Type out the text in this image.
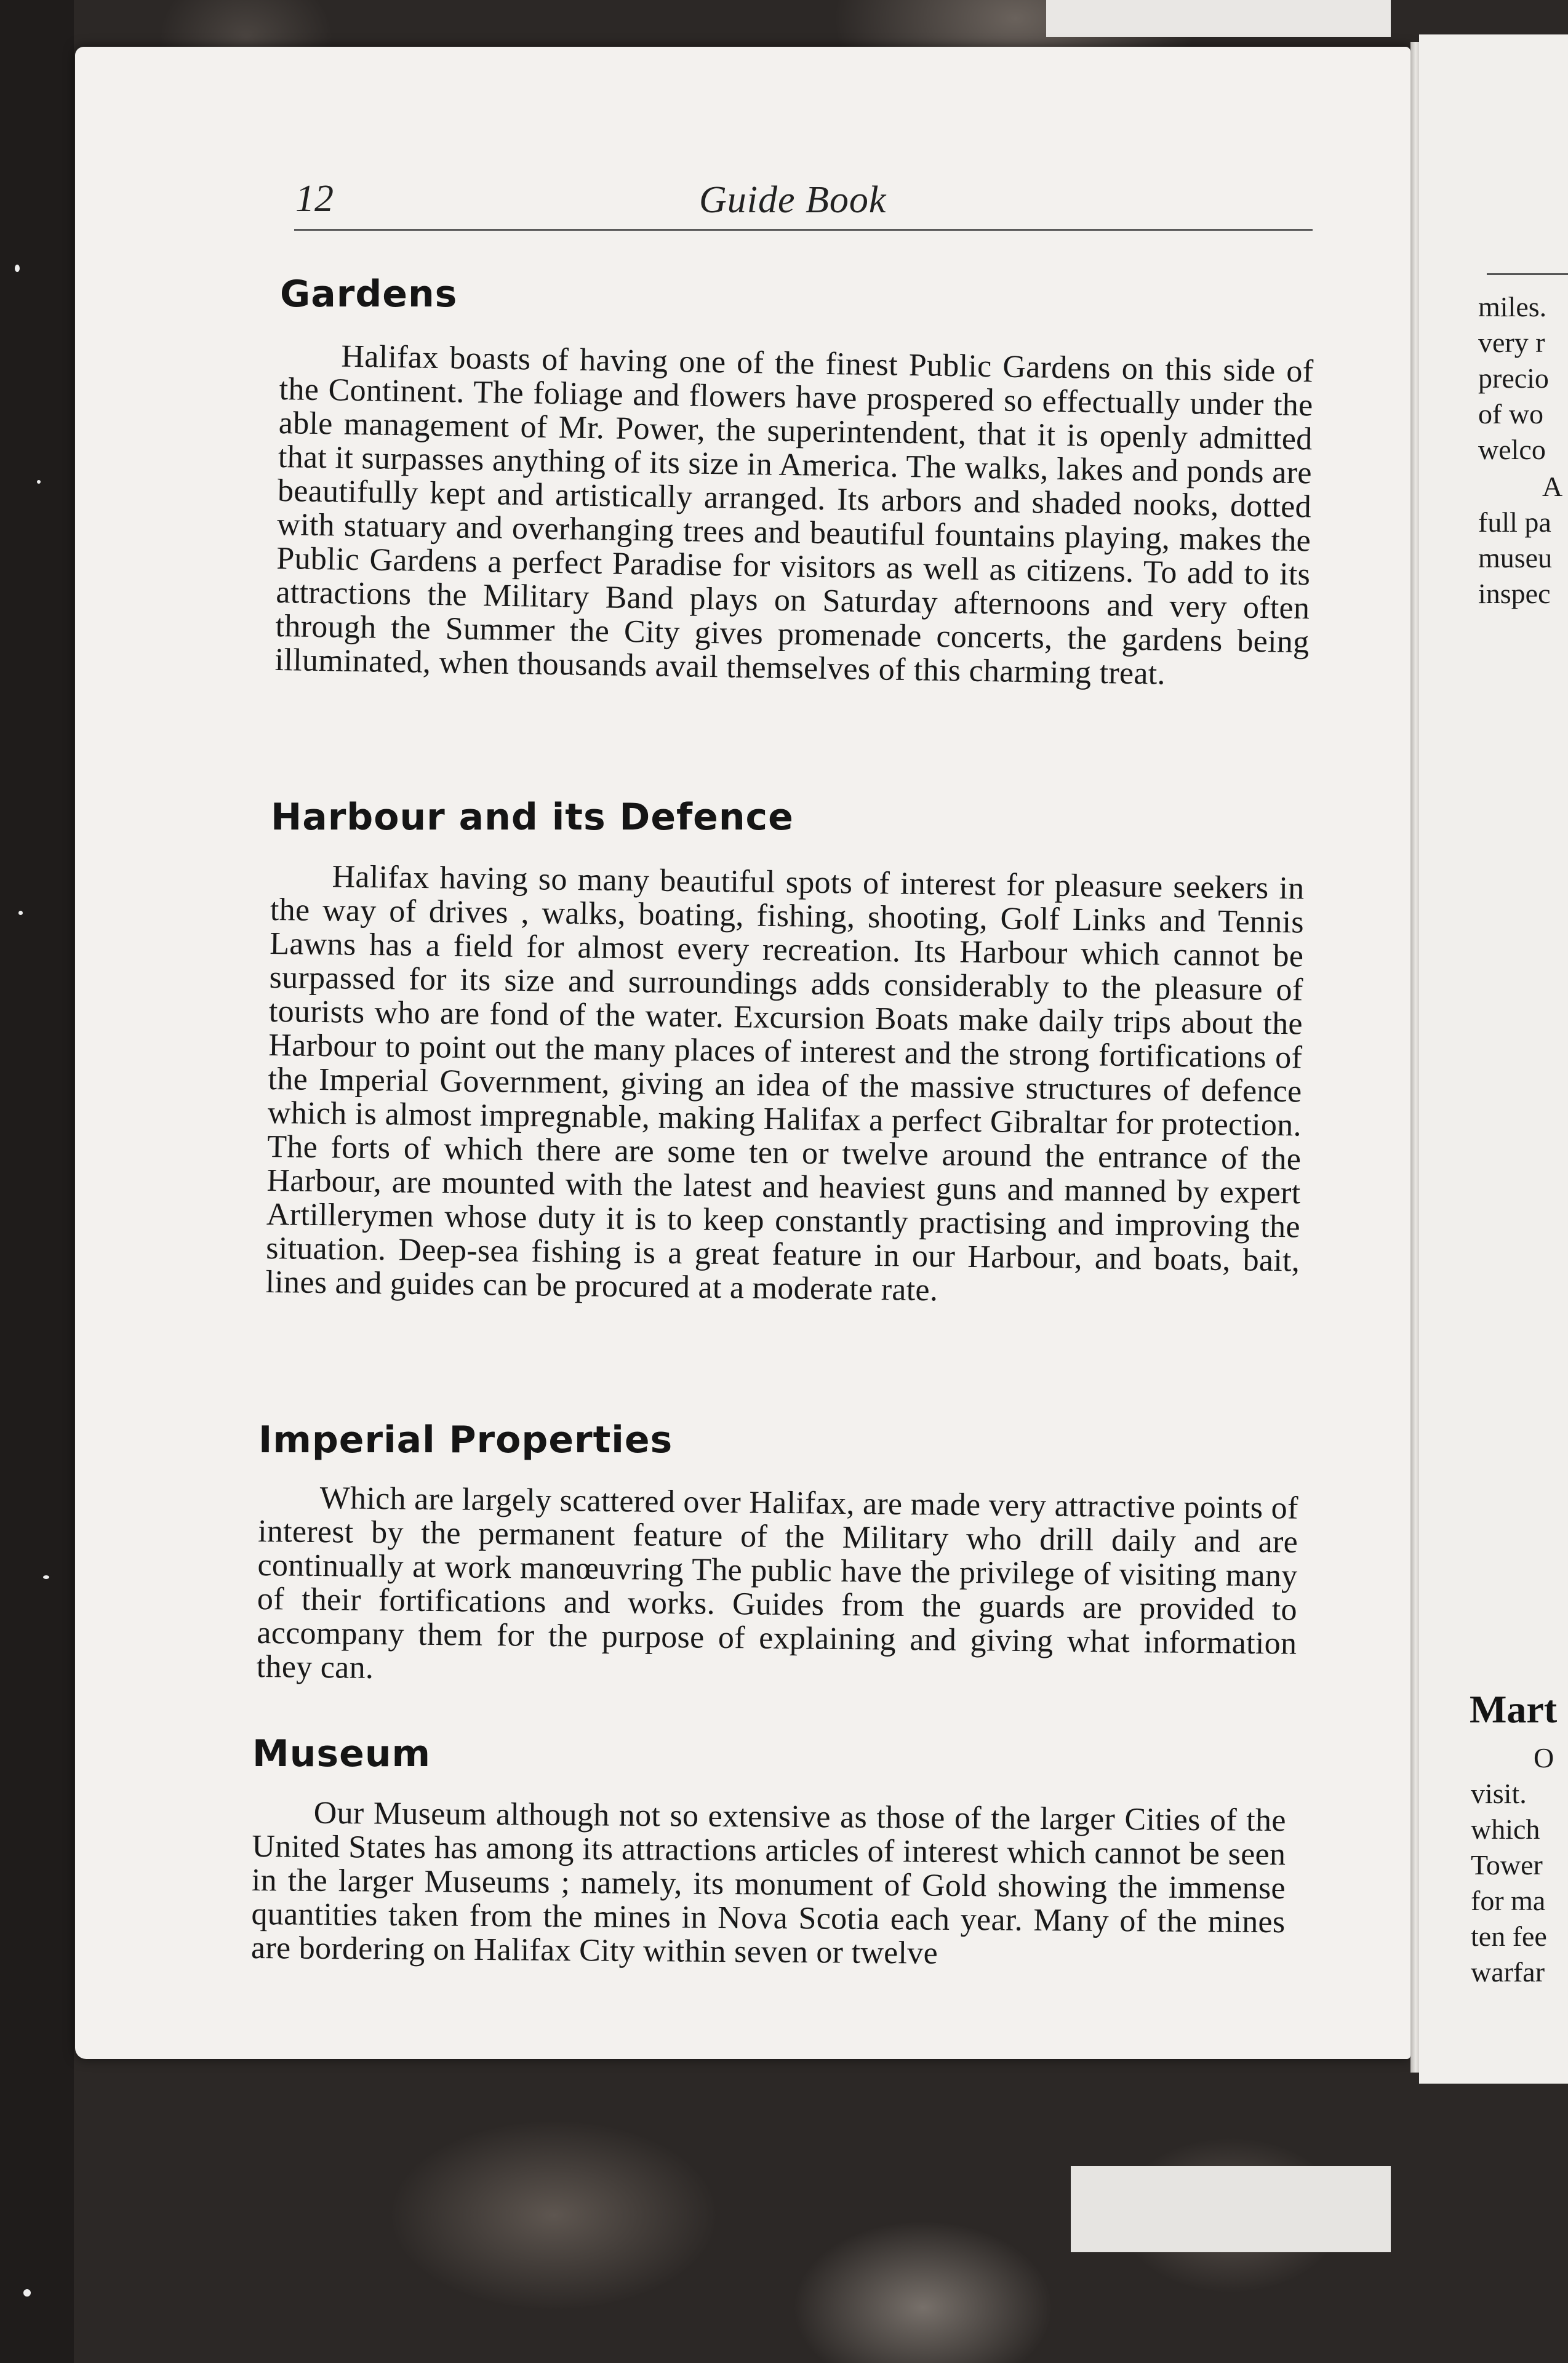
12	Guide Book
Gardens

Halifax boasts of having one of the finest Public Gardens on this side of the Continent. The foliage and flowers have prospered so effectually under the able management of Mr. Power, the superintendent, that it is openly admitted that it surpasses anything of its size in America. The walks, lakes and ponds are beautifully kept and artistically arranged. Its arbors and shaded nooks, dotted with statuary and overhanging trees and beautiful fountains playing, makes the Public Gardens a perfect Paradise for visitors as well as citizens. To add to its attractions the Military Band plays on Saturday afternoons and very often through the Summer the City gives promenade concerts, the gardens being illuminated, when thousands avail themselves of this charming treat.

Harbour and its Defence

Halifax having so many beautiful spots of interest for pleasure seekers in the way of drives , walks, boating, fishing, shooting, Golf Links and Tennis Lawns has a field for almost every recreation. Its Harbour which cannot be surpassed for its size and surroundings adds considerably to the pleasure of tourists who are fond of the water. Excursion Boats make daily trips about the Harbour to point out the many places of interest and the strong fortifications of the Imperial Government, giving an idea of the massive structures of defence which is almost impregnable, making Halifax a perfect Gibraltar for protection. The forts of which there are some ten or twelve around the entrance of the Harbour, are mounted with the latest and heaviest guns and manned by expert Artillerymen whose duty it is to keep constantly practising and improving the situation. Deep-sea fishing is a great feature in our Harbour, and boats, bait, lines and guides can be procured at a moderate rate.

Imperial Properties

Which are largely scattered over Halifax, are made very attractive points of interest by the permanent feature of the Military who drill daily and are continually at work manœuvring The public have the privilege of visiting many of their fortifications and works. Guides from the guards are provided to accompany them for the purpose of explaining and giving what information they can.

Museum

Our Museum although not so extensive as those of the larger Cities of the United States has among its attractions articles of interest which cannot be seen in the larger Museums ; namely, its monument of Gold showing the immense quantities taken from the mines in Nova Scotia each year. Many of the mines are bordering on Halifax City within seven or twelve

miles.
very r
precio
of wo
welco
A
full pa
museu
inspec
Mart
O
visit.
which
Tower
for ma
ten fee
warfar
